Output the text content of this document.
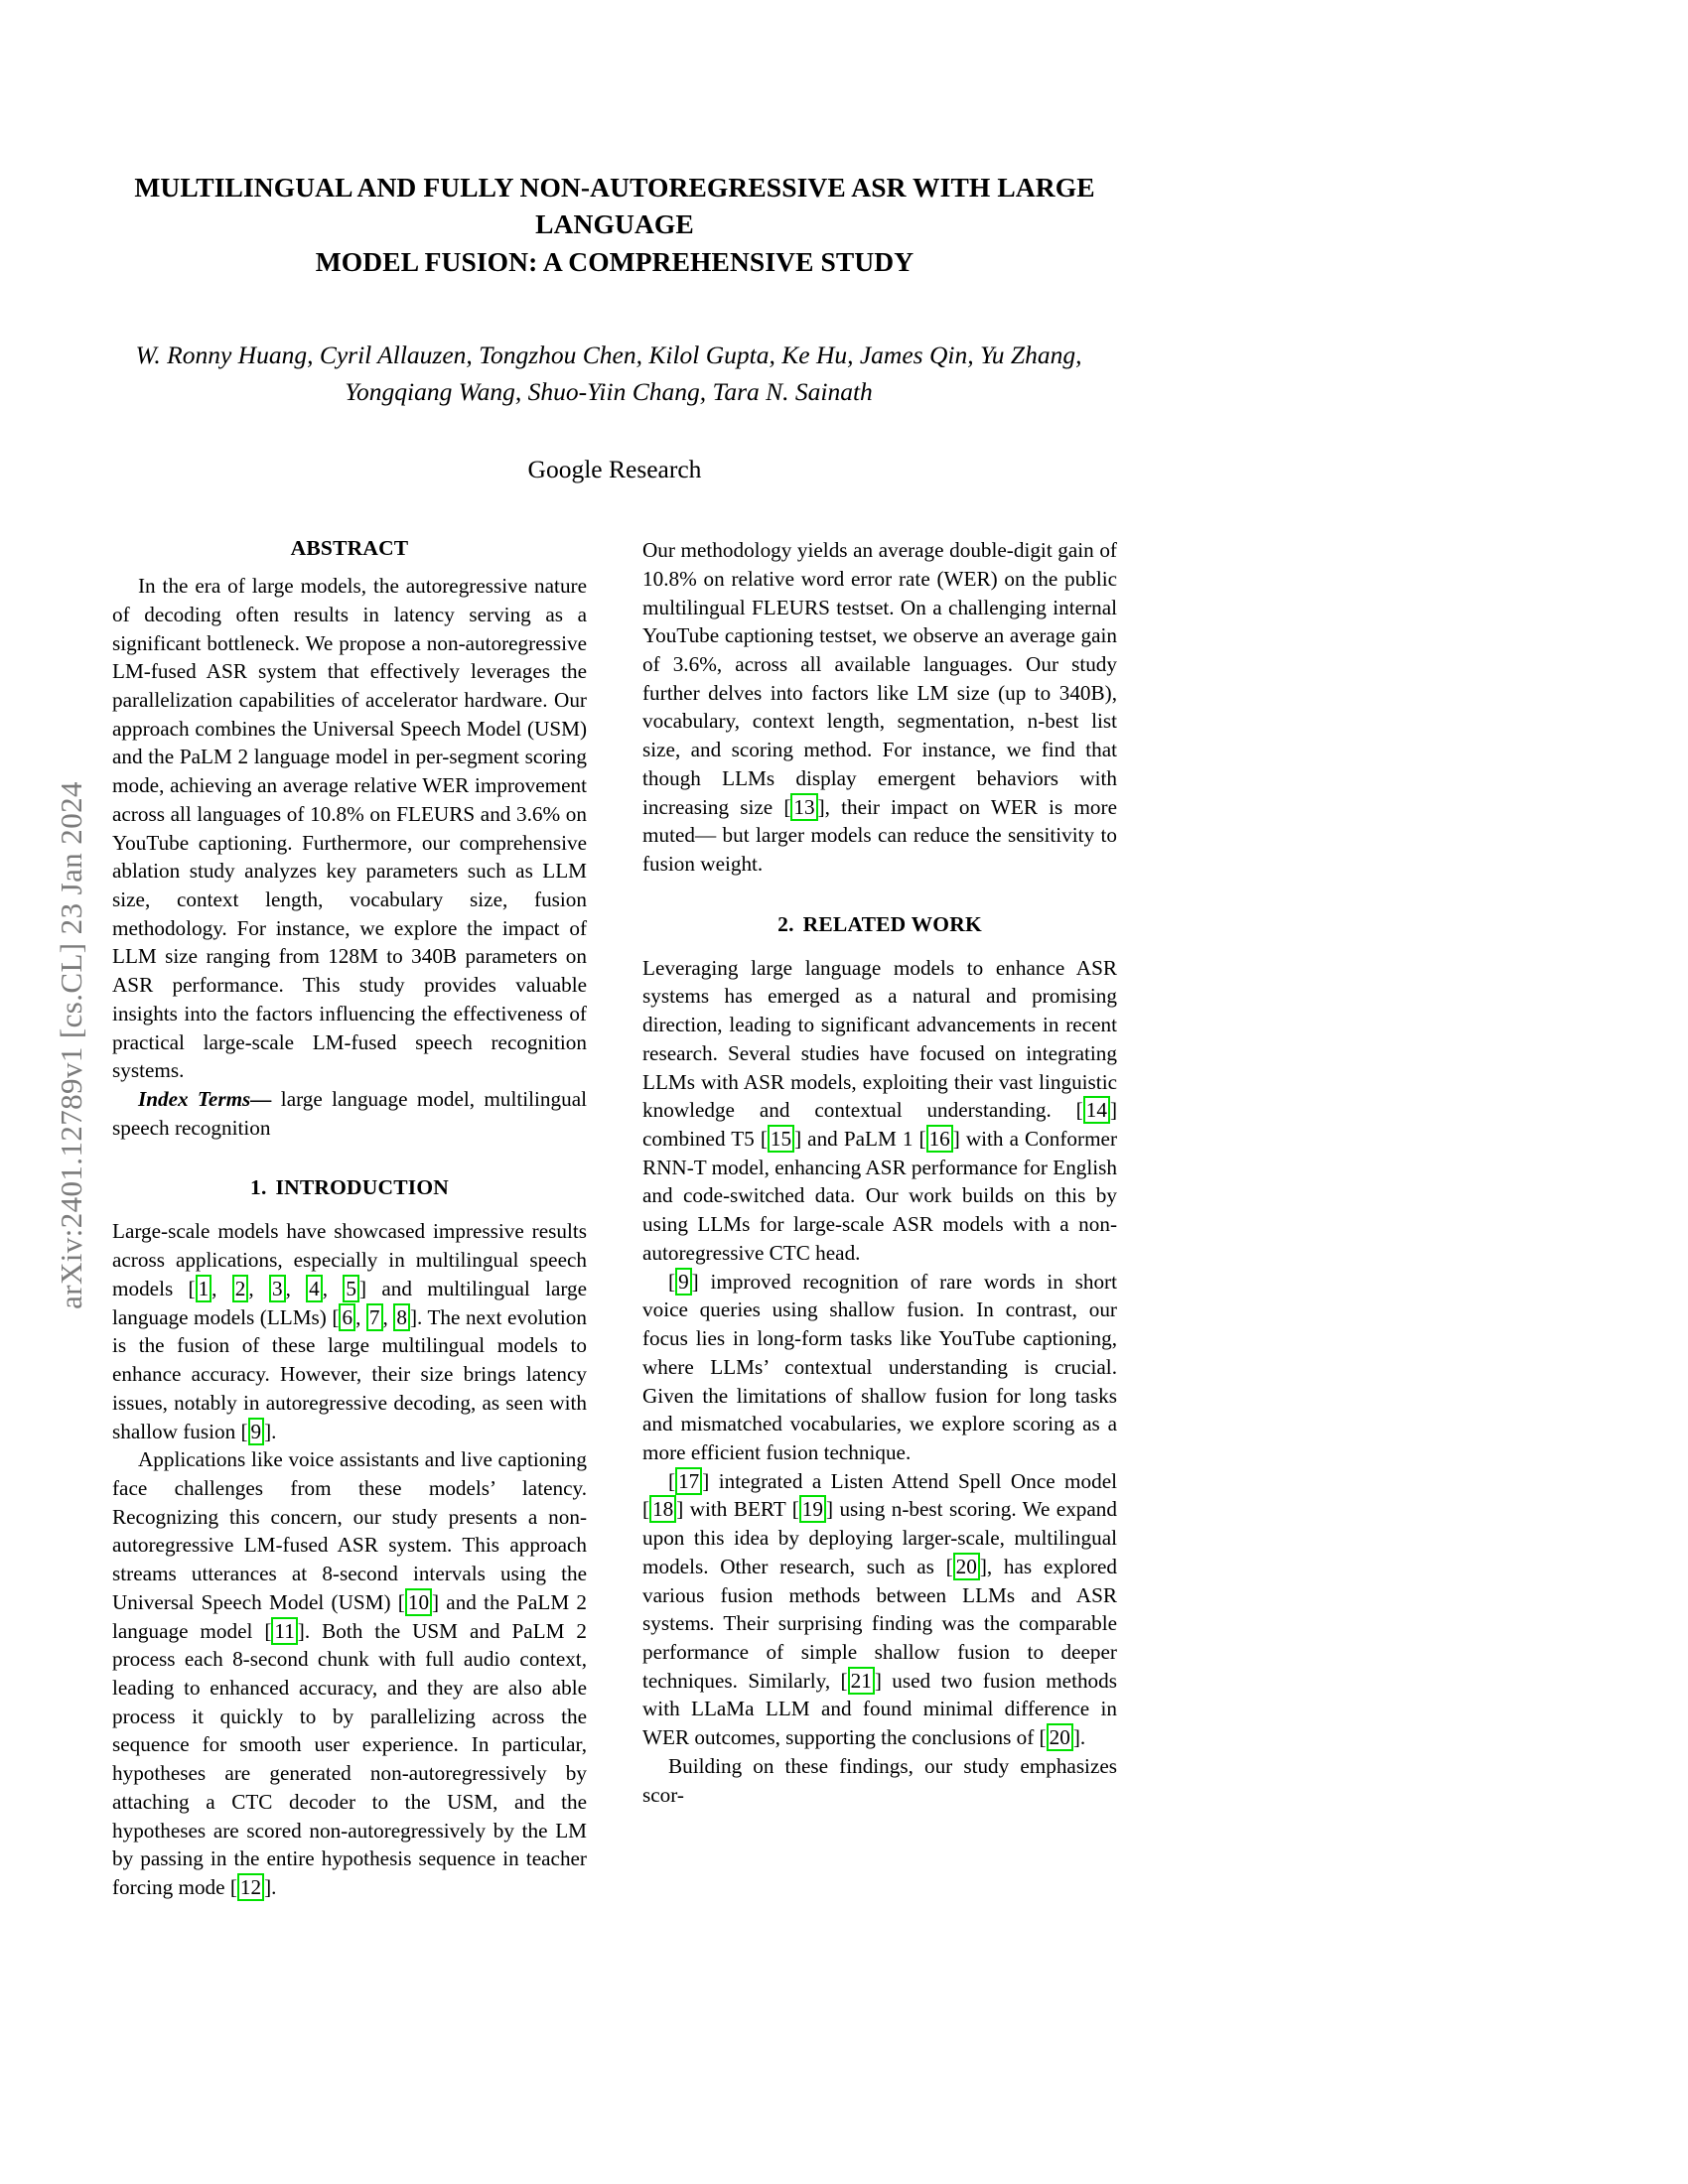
arXiv:2401.12789v1 [cs.CL] 23 Jan 2024
MULTILINGUAL AND FULLY NON-AUTOREGRESSIVE ASR WITH LARGE LANGUAGE
MODEL FUSION: A COMPREHENSIVE STUDY
W. Ronny Huang, Cyril Allauzen, Tongzhou Chen, Kilol Gupta, Ke Hu, James Qin, Yu Zhang,
Yongqiang Wang, Shuo-Yiin Chang, Tara N. Sainath
Google Research
ABSTRACT

In the era of large models, the autoregressive nature of decoding often results in latency serving as a significant bottleneck. We propose a non-autoregressive LM-fused ASR system that effectively leverages the parallelization capabilities of accelerator hardware. Our approach combines the Universal Speech Model (USM) and the PaLM 2 language model in per-segment scoring mode, achieving an average relative WER improvement across all languages of 10.8% on FLEURS and 3.6% on YouTube captioning. Furthermore, our comprehensive ablation study analyzes key parameters such as LLM size, context length, vocabulary size, fusion methodology. For instance, we explore the impact of LLM size ranging from 128M to 340B parameters on ASR performance. This study provides valuable insights into the factors influencing the effectiveness of practical large-scale LM-fused speech recognition systems.

Index Terms— large language model, multilingual speech recognition

1. INTRODUCTION

Large-scale models have showcased impressive results across applications, especially in multilingual speech models [ 1 , 2 , 3 , 4 , 5 ] and multilingual large language models (LLMs) [ 6 , 7 , 8 ]. The next evolution is the fusion of these large multilingual models to enhance accuracy. However, their size brings latency issues, notably in autoregressive decoding, as seen with shallow fusion [ 9 ].

Applications like voice assistants and live captioning face challenges from these models’ latency. Recognizing this concern, our study presents a non-autoregressive LM-fused ASR system. This approach streams utterances at 8-second intervals using the Universal Speech Model (USM) [ 10 ] and the PaLM 2 language model [ 11 ]. Both the USM and PaLM 2 process each 8-second chunk with full audio context, leading to enhanced accuracy, and they are also able process it quickly to by parallelizing across the sequence for smooth user experience. In particular, hypotheses are generated non-autoregressively by attaching a CTC decoder to the USM, and the hypotheses are scored non-autoregressively by the LM by passing in the entire hypothesis sequence in teacher forcing mode [ 12 ].

Our methodology yields an average double-digit gain of 10.8% on relative word error rate (WER) on the public multilingual FLEURS testset. On a challenging internal YouTube captioning testset, we observe an average gain of 3.6%, across all available languages. Our study further delves into factors like LM size (up to 340B), vocabulary, context length, segmentation, n-best list size, and scoring method. For instance, we find that though LLMs display emergent behaviors with increasing size [ 13 ], their impact on WER is more muted— but larger models can reduce the sensitivity to fusion weight.

2. RELATED WORK

Leveraging large language models to enhance ASR systems has emerged as a natural and promising direction, leading to significant advancements in recent research. Several studies have focused on integrating LLMs with ASR models, exploiting their vast linguistic knowledge and contextual understanding. [ 14 ] combined T5 [ 15 ] and PaLM 1 [ 16 ] with a Conformer RNN-T model, enhancing ASR performance for English and code-switched data. Our work builds on this by using LLMs for large-scale ASR models with a non-autoregressive CTC head.

[ 9 ] improved recognition of rare words in short voice queries using shallow fusion. In contrast, our focus lies in long-form tasks like YouTube captioning, where LLMs’ contextual understanding is crucial. Given the limitations of shallow fusion for long tasks and mismatched vocabularies, we explore scoring as a more efficient fusion technique.

[ 17 ] integrated a Listen Attend Spell Once model [ 18 ] with BERT [ 19 ] using n-best scoring. We expand upon this idea by deploying larger-scale, multilingual models. Other research, such as [ 20 ], has explored various fusion methods between LLMs and ASR systems. Their surprising finding was the comparable performance of simple shallow fusion to deeper techniques. Similarly, [ 21 ] used two fusion methods with LLaMa LLM and found minimal difference in WER outcomes, supporting the conclusions of [ 20 ].

Building on these findings, our study emphasizes scor-
